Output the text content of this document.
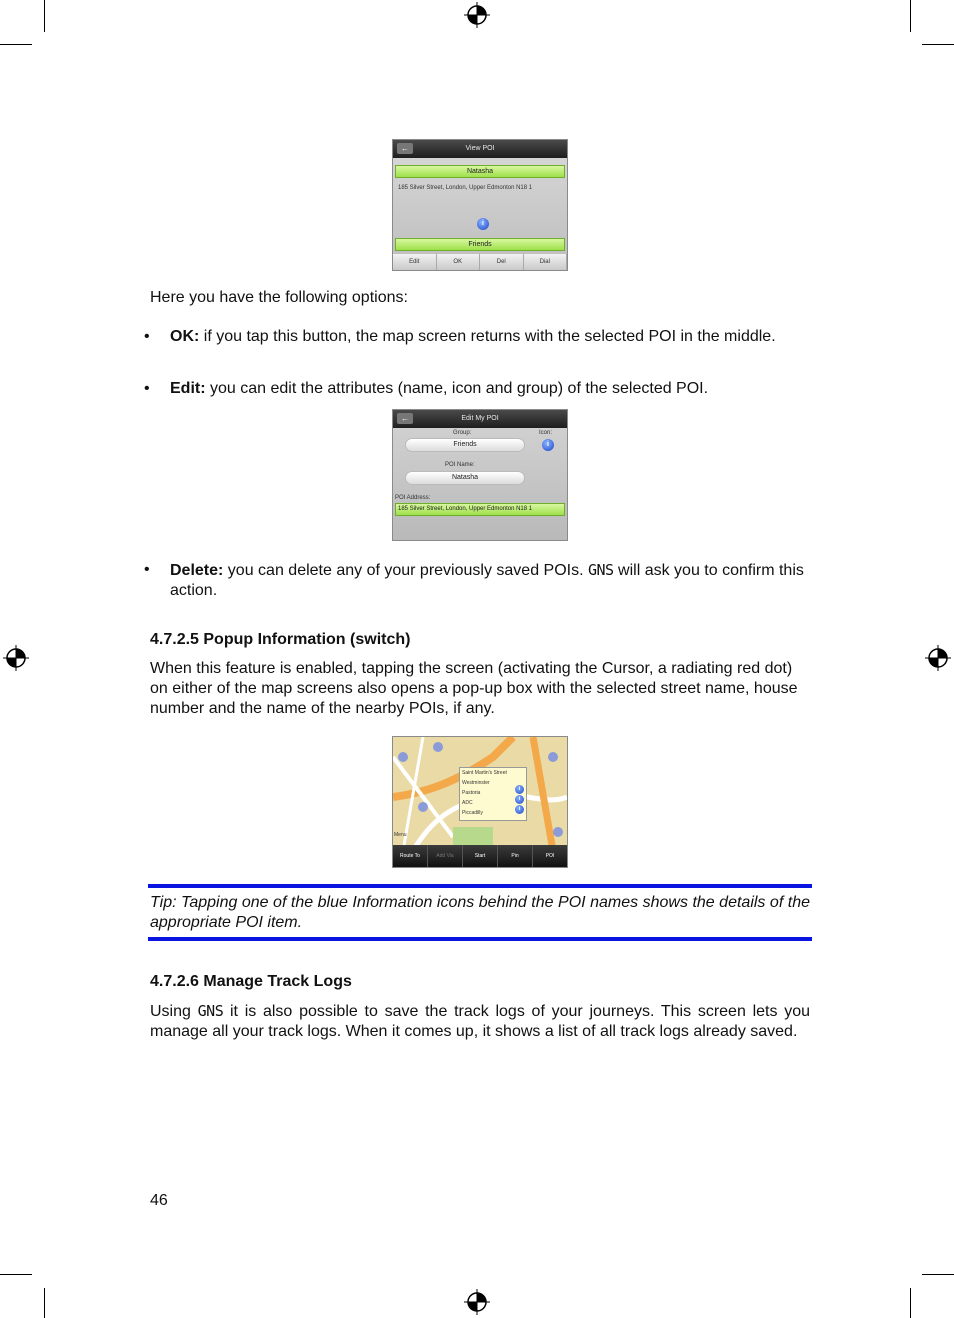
←	View POI
Natasha
185 Silver Street, London, Upper Edmonton N18 1
i
Friends
Edit	OK	Del	Dial

Here you have the following options:

• OK: if you tap this button, the map screen returns with the selected POI in the middle.
• Edit: you can edit the attributes (name, icon and group) of the selected POI.
←	Edit My POI
Group:	Icon:
Friends	i
POI Name:
Natasha
POI Address:
185 Silver Street, London, Upper Edmonton N18 1
• Delete: you can delete any of your previously saved POIs. GNS will ask you to confirm this action.
4.7.2.5 Popup Information (switch)

When this feature is enabled, tapping the screen (activating the Cursor, a radiating red dot) on either of the map screens also opens a pop-up box with the selected street name, house number and the name of the nearby POIs, if any.

Saint Martin's Street
Westminster
Pastoria
ADC
Piccadilly
i
i
i
Menu
Route To	Add Via	Start	Pin	POI
Tip: Tapping one of the blue Information icons behind the POI names shows the details of the appropriate POI item.
4.7.2.6 Manage Track Logs

Using GNS it is also possible to save the track logs of your journeys. This screen lets you manage all your track logs. When it comes up, it shows a list of all track logs already saved.

46
